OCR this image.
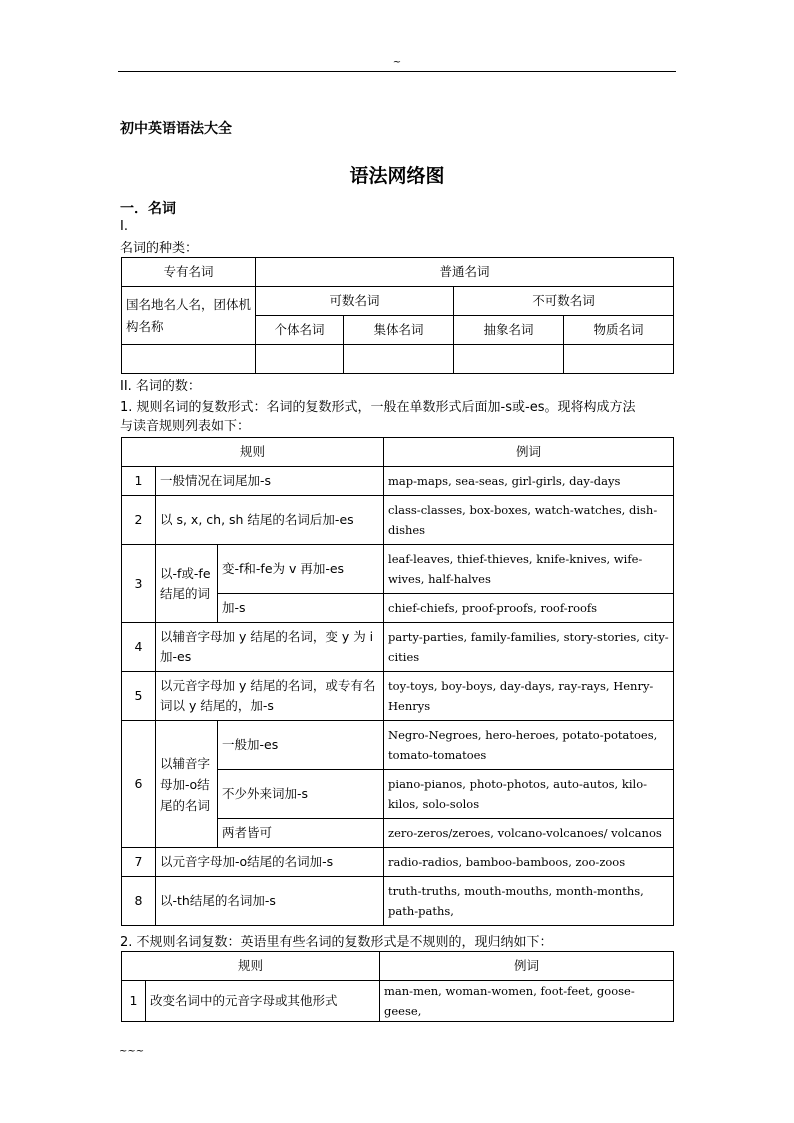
~
初中英语语法大全
语法网络图
一．名词
I.
名词的种类：
专有名词	普通名词			
国名地名人名，团体机构名称	可数名词		不可数名词	
	个体名词	集体名词	抽象名词	物质名词

II. 名词的数：
1. 规则名词的复数形式：名词的复数形式，一般在单数形式后面加-s或-es。现将构成方法
与读音规则列表如下：
规则			例词
1	一般情况在词尾加-s		map-maps, sea-seas, girl-girls, day-days
2	以 s, x, ch, sh 结尾的名词后加-es		class-classes, box-boxes, watch-watches, dish-dishes
3	以-f或-fe结尾的词	变-f和-fe为 v 再加-es	leaf-leaves, thief-thieves, knife-knives, wife-wives, half-halves
		加-s	chief-chiefs, proof-proofs, roof-roofs
4	以辅音字母加 y 结尾的名词，变 y 为 i 加-es		party-parties, family-families, story-stories, city-cities
5	以元音字母加 y 结尾的名词，或专有名词以 y 结尾的，加-s		toy-toys, boy-boys, day-days, ray-rays, Henry-Henrys
6	以辅音字母加-o结尾的名词	一般加-es	Negro-Negroes, hero-heroes, potato-potatoes, tomato-tomatoes
		不少外来词加-s	piano-pianos, photo-photos, auto-autos, kilo-kilos, solo-solos
		两者皆可	zero-zeros/zeroes, volcano-volcanoes/ volcanos
7	以元音字母加-o结尾的名词加-s		radio-radios, bamboo-bamboos, zoo-zoos
8	以-th结尾的名词加-s		truth-truths, mouth-mouths, month-months, path-paths,
2. 不规则名词复数：英语里有些名词的复数形式是不规则的，现归纳如下：
规则		例词
1	改变名词中的元音字母或其他形式	man-men, woman-women, foot-feet, goose-geese,
~~~
